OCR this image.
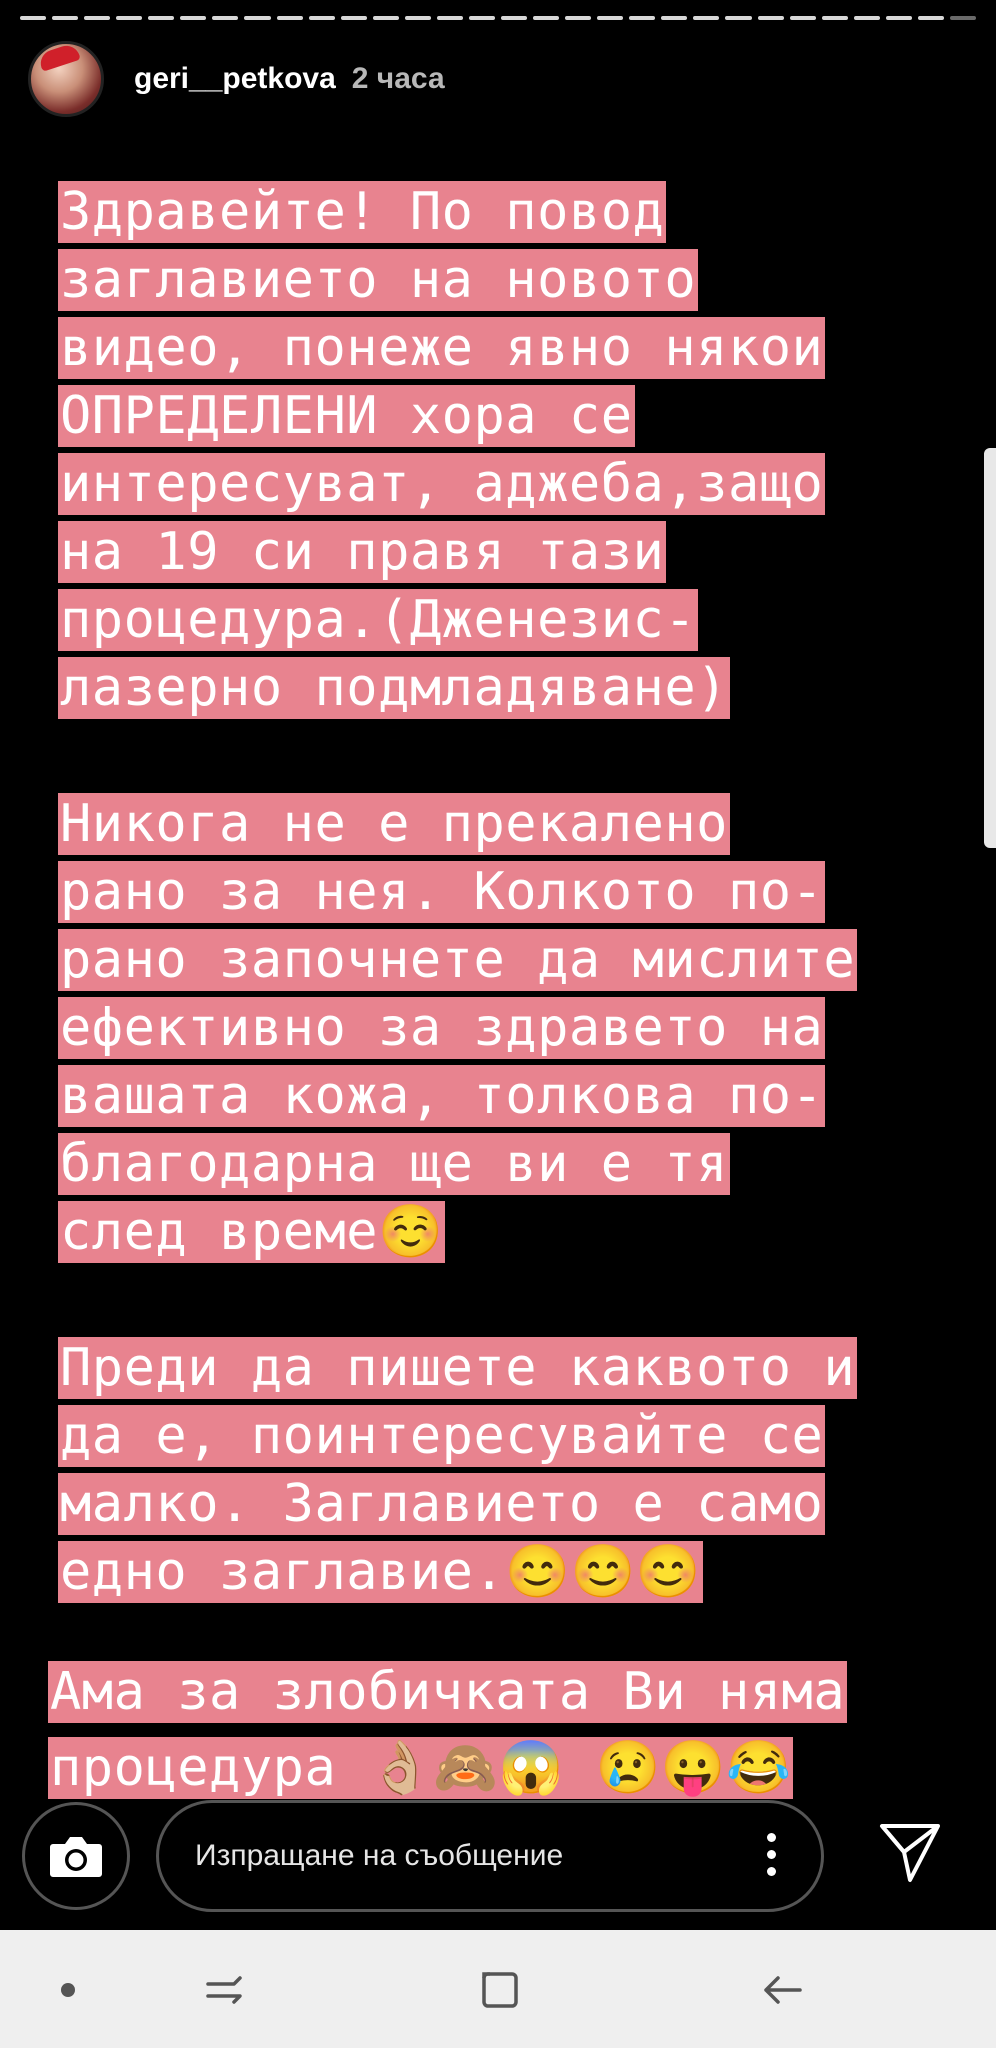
geri__petkova 2 часа
Здравейте! По повод
заглавието на новото
видео, понеже явно някои
ОПРЕДЕЛЕНИ хора се
интересуват, аджеба,защо
на 19 си правя тази
процедура.(Дженезис-
лазерно подмладяване)
Никога не е прекалено
рано за нея. Колкото по-
рано започнете да мислите
ефективно за здравето на
вашата кожа, толкова по-
благодарна ще ви е тя
след време☺️
Преди да пишете каквото и
да е, поинтересувайте се
малко. Заглавието е само
едно заглавие.😊😊😊
Ама за злобичката Ви няма
процедура 👌🏼🙈😱 😢😛😂
Изпращане на съобщение
